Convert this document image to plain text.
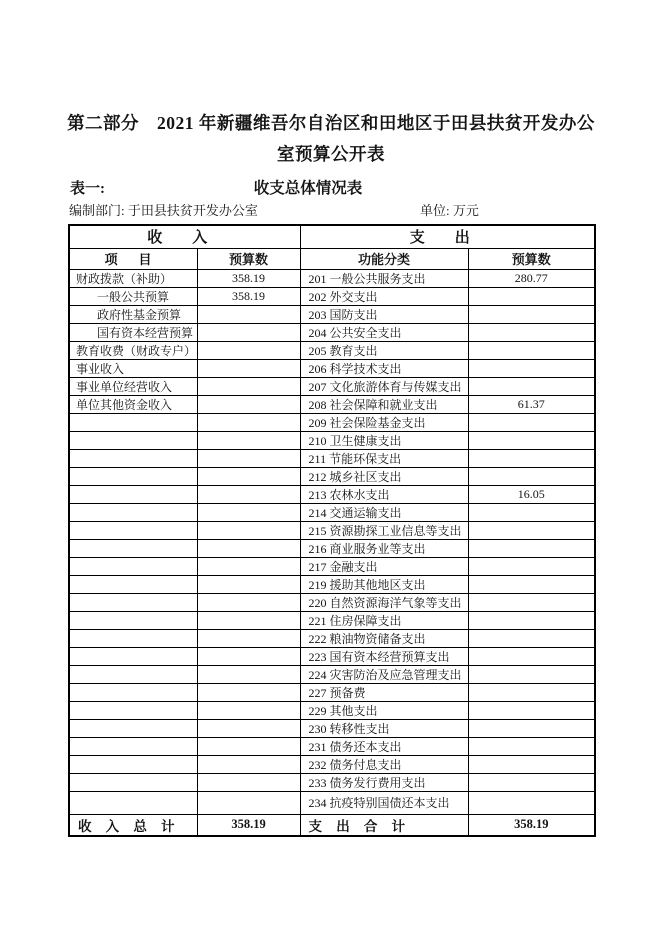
第二部分　2021 年新疆维吾尔自治区和田地区于田县扶贫开发办公
室预算公开表
收支总体情况表
表一:
编制部门: 于田县扶贫开发办公室	单位: 万元
收入		支出	
项目	预算数	功能分类	预算数
财政拨款（补助）	358.19	201 一般公共服务支出	280.77
一般公共预算	358.19	202 外交支出	
政府性基金预算		203 国防支出	
国有资本经营预算		204 公共安全支出	
教育收费（财政专户）		205 教育支出	
事业收入		206 科学技术支出	
事业单位经营收入		207 文化旅游体育与传媒支出	
单位其他资金收入		208 社会保障和就业支出	61.37
		209 社会保险基金支出	
		210 卫生健康支出	
		211 节能环保支出	
		212 城乡社区支出	
		213 农林水支出	16.05
		214 交通运输支出	
		215 资源勘探工业信息等支出	
		216 商业服务业等支出	
		217 金融支出	
		219 援助其他地区支出	
		220 自然资源海洋气象等支出	
		221 住房保障支出	
		222 粮油物资储备支出	
		223 国有资本经营预算支出	
		224 灾害防治及应急管理支出	
		227 预备费	
		229 其他支出	
		230 转移性支出	
		231 债务还本支出	
		232 债务付息支出	
		233 债务发行费用支出	
		234 抗疫特别国债还本支出	
收入总计	358.19	支出合计	358.19
